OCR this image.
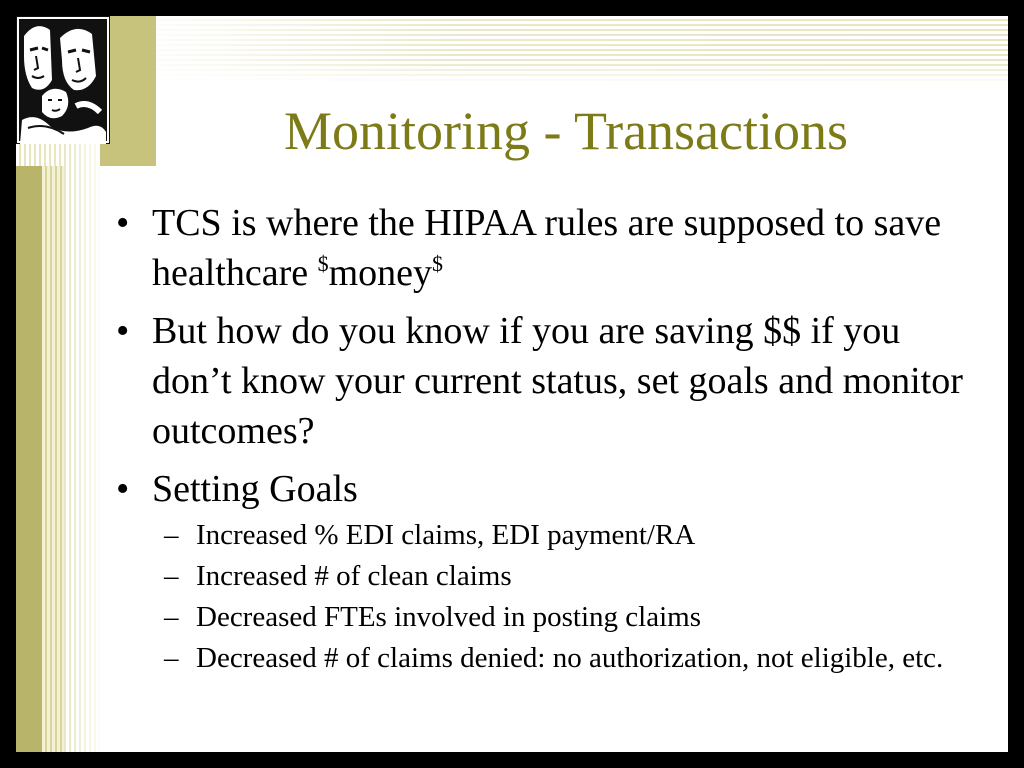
Monitoring - Transactions
• TCS is where the HIPAA rules are supposed to save healthcare $money$
• But how do you know if you are saving $$ if you don’t know your current status, set goals and monitor outcomes?
• Setting Goals
– Increased % EDI claims, EDI payment/RA
– Increased # of clean claims
– Decreased FTEs involved in posting claims
– Decreased # of claims denied: no authorization, not eligible, etc.
